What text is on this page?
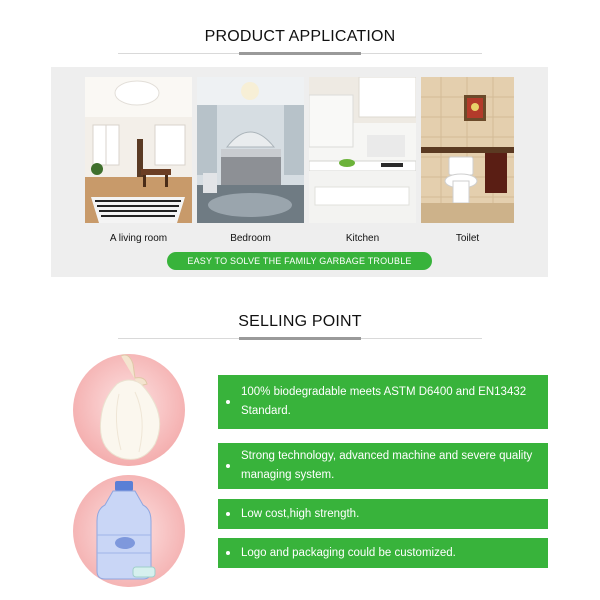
PRODUCT APPLICATION
A living room	Bedroom	Kitchen	Toilet
EASY TO SOLVE THE FAMILY GARBAGE TROUBLE
SELLING POINT
100% biodegradable meets ASTM D6400 and EN13432 Standard.
Strong technology, advanced machine and severe quality managing system.
Low cost,high strength.
Logo and packaging could be customized.
